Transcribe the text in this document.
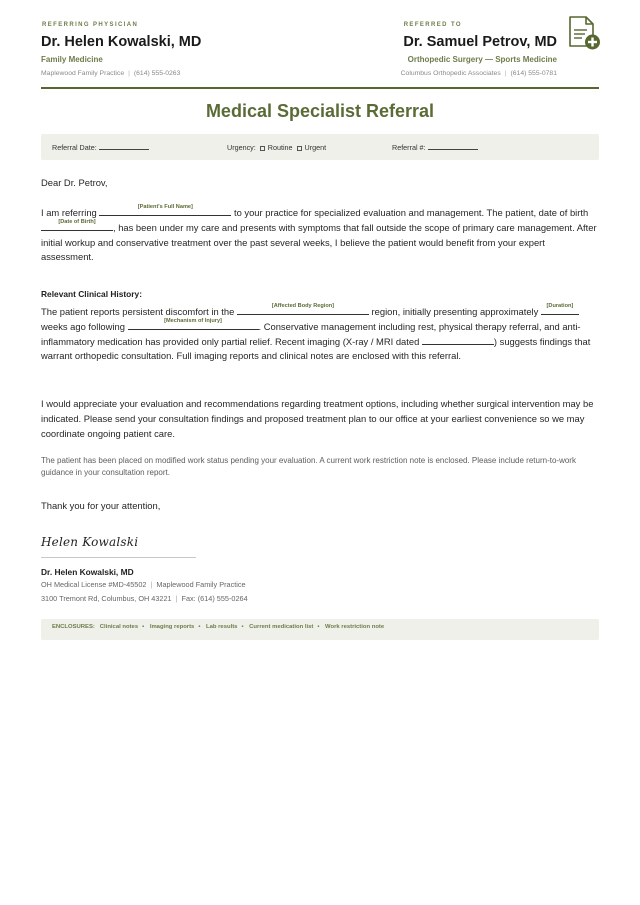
REFERRING PHYSICIAN
Dr. Helen Kowalski, MD
Family Medicine
Maplewood Family Practice | (614) 555-0263
REFERRED TO
Dr. Samuel Petrov, MD
Orthopedic Surgery — Sports Medicine
Columbus Orthopedic Associates | (614) 555-0781
Medical Specialist Referral
Referral Date:	Urgency: Routine Urgent	Referral #:
Dear Dr. Petrov,
I am referring	[Patient's Full Name]	to your practice for specialized evaluation and management. The patient, date of birth
[Date of Birth]	, has been under my care and presents with symptoms that fall outside the scope of primary care management. After initial workup and conservative treatment over the past several weeks, I believe the patient would benefit from your expert assessment.
Relevant Clinical History:
The patient reports persistent discomfort in the	[Affected Body Region]	region, initially presenting approximately	[Duration]
weeks ago following	[Mechanism of Injury]	. Conservative management including rest, physical therapy referral, and anti-inflammatory medication has provided only partial relief. Recent imaging (X-ray / MRI dated	) suggests findings that warrant orthopedic consultation. Full imaging reports and clinical notes are enclosed with this referral.
I would appreciate your evaluation and recommendations regarding treatment options, including whether surgical intervention may be indicated. Please send your consultation findings and proposed treatment plan to our office at your earliest convenience so we may coordinate ongoing patient care.
The patient has been placed on modified work status pending your evaluation. A current work restriction note is enclosed. Please include return-to-work guidance in your consultation report.
Thank you for your attention,
Helen Kowalski
Dr. Helen Kowalski, MD
OH Medical License #MD-45502 | Maplewood Family Practice
3100 Tremont Rd, Columbus, OH 43221 | Fax: (614) 555-0264
ENCLOSURES: Clinical notes • Imaging reports • Lab results • Current medication list • Work restriction note
